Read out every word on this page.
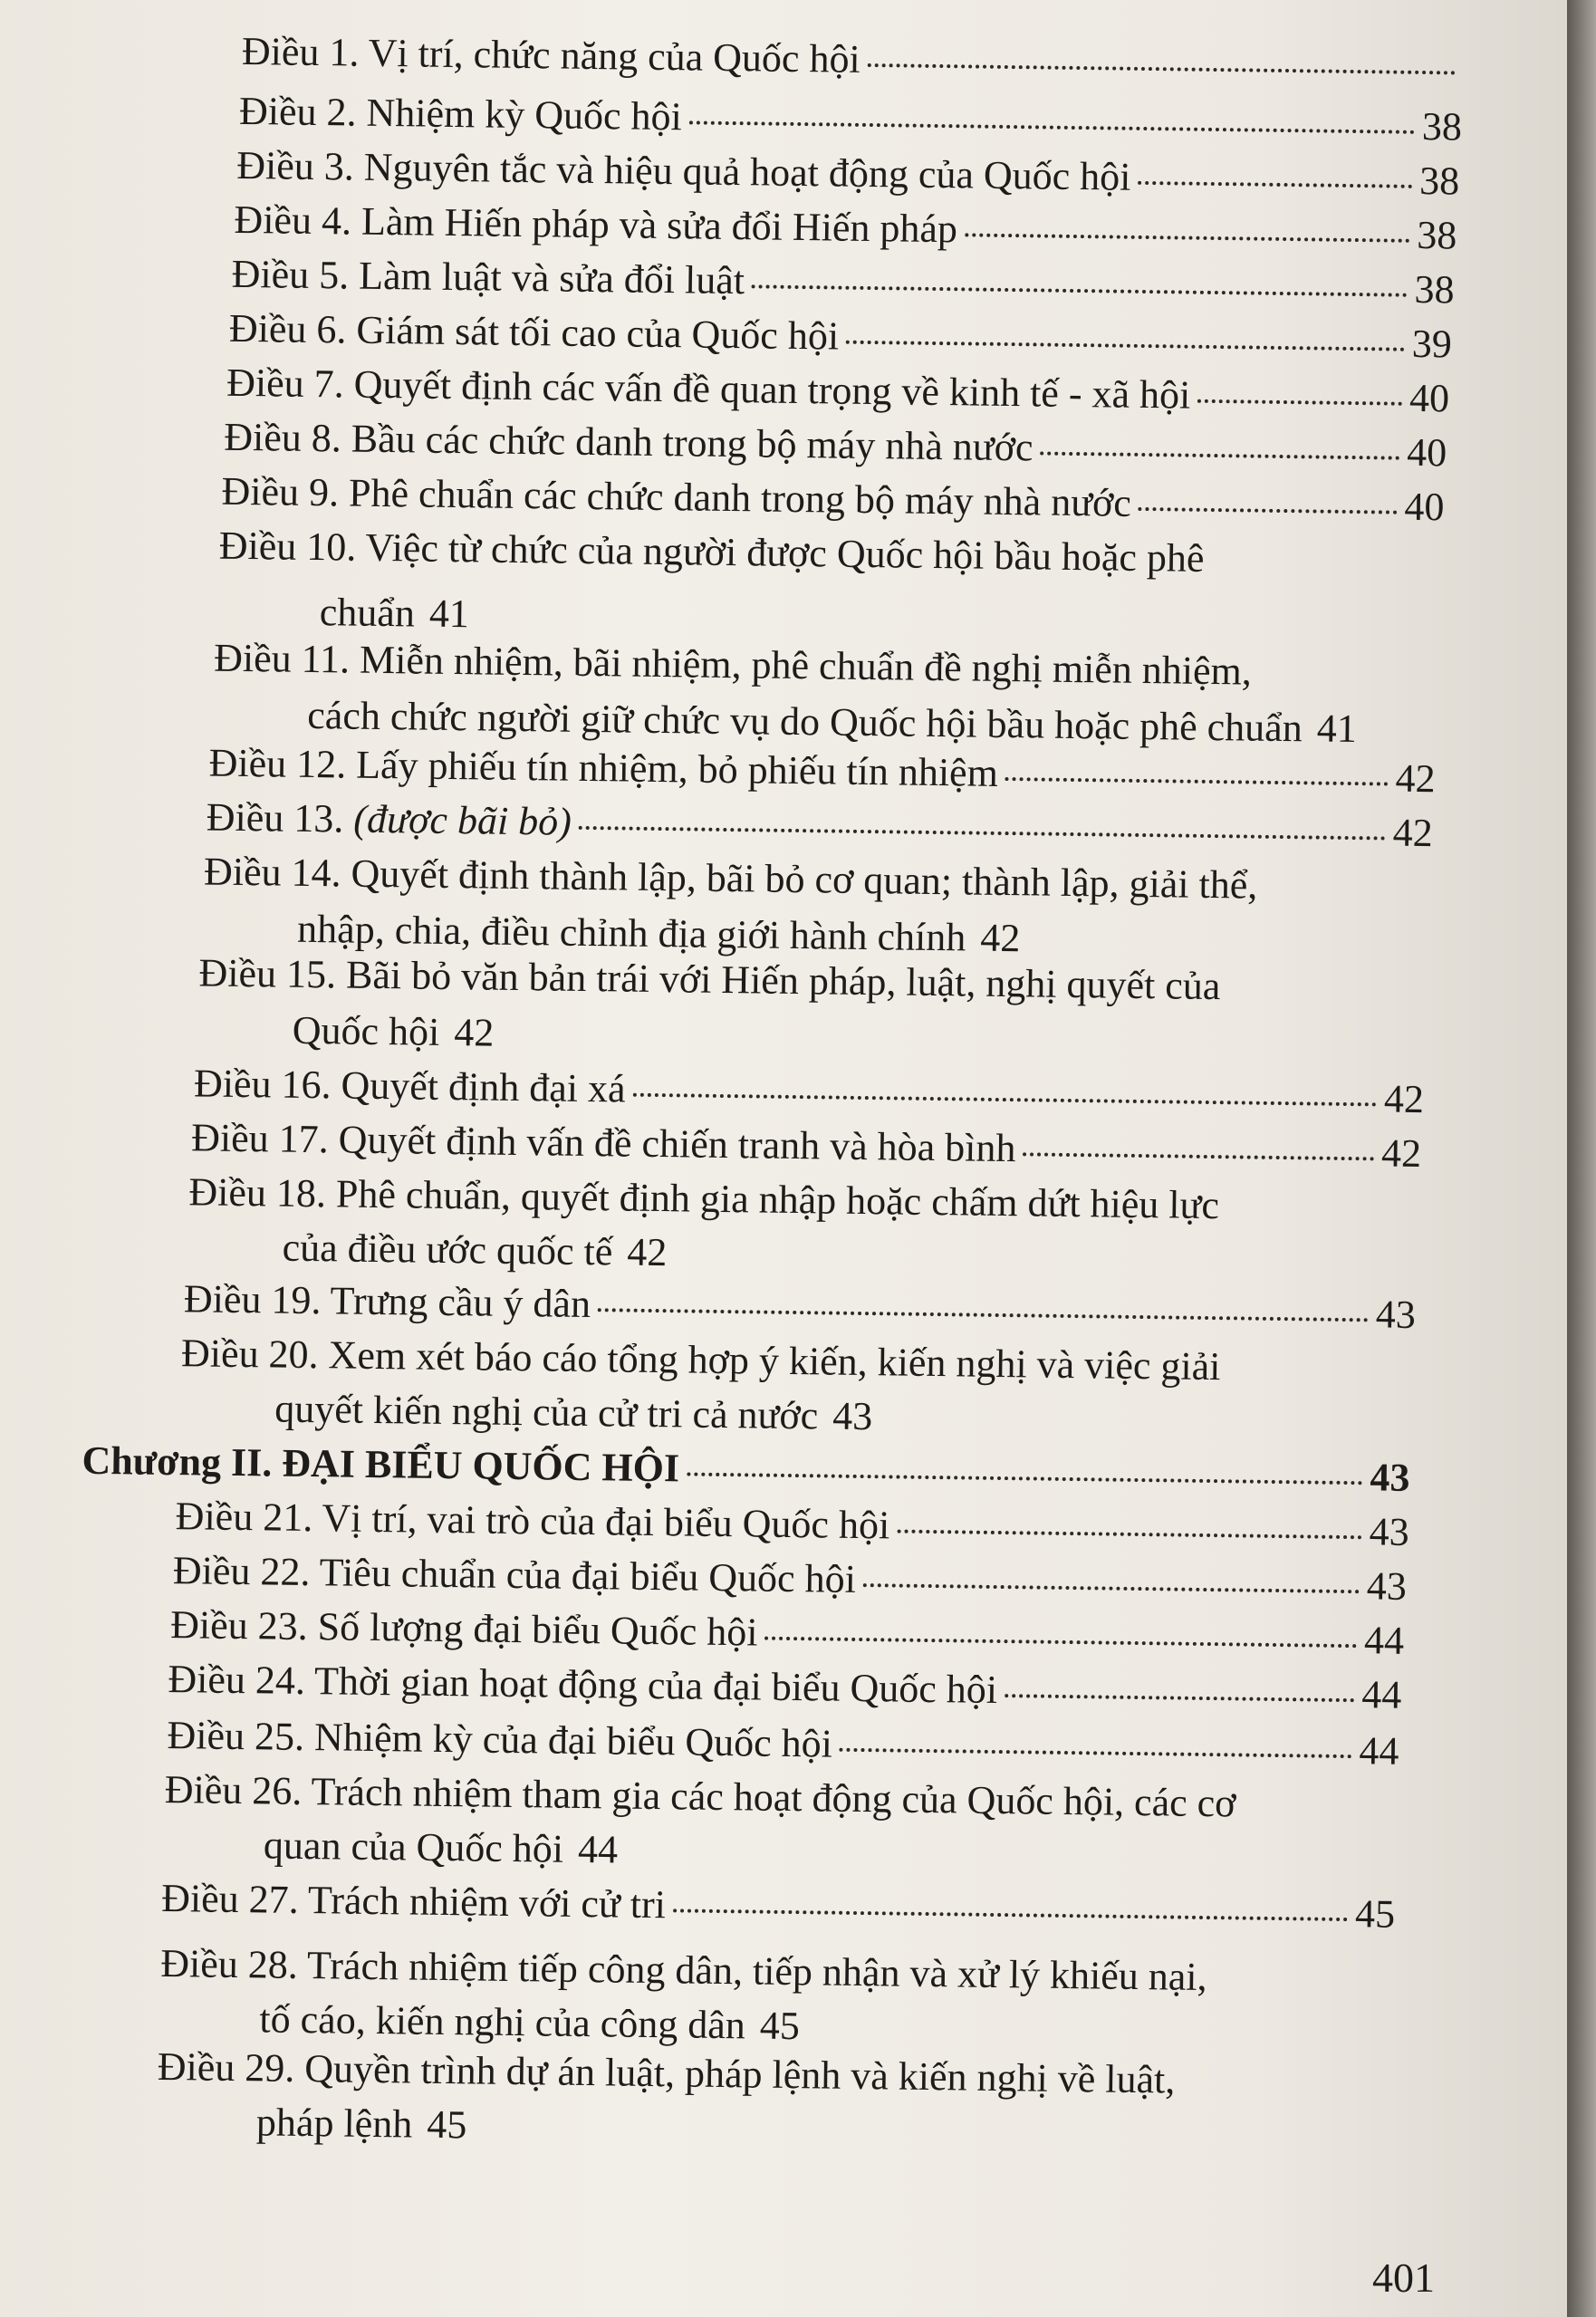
Điều 1. Vị trí, chức năng của Quốc hội
Điều 2. Nhiệm kỳ Quốc hội	38
Điều 3. Nguyên tắc và hiệu quả hoạt động của Quốc hội	38
Điều 4. Làm Hiến pháp và sửa đổi Hiến pháp	38
Điều 5. Làm luật và sửa đổi luật	38
Điều 6. Giám sát tối cao của Quốc hội	39
Điều 7. Quyết định các vấn đề quan trọng về kinh tế - xã hội	40
Điều 8. Bầu các chức danh trong bộ máy nhà nước	40
Điều 9. Phê chuẩn các chức danh trong bộ máy nhà nước	40
Điều 10. Việc từ chức của người được Quốc hội bầu hoặc phê
chuẩn 41
Điều 11. Miễn nhiệm, bãi nhiệm, phê chuẩn đề nghị miễn nhiệm,
cách chức người giữ chức vụ do Quốc hội bầu hoặc phê chuẩn 41
Điều 12. Lấy phiếu tín nhiệm, bỏ phiếu tín nhiệm	42
Điều 13. (được bãi bỏ)	42
Điều 14. Quyết định thành lập, bãi bỏ cơ quan; thành lập, giải thể,
nhập, chia, điều chỉnh địa giới hành chính 42
Điều 15. Bãi bỏ văn bản trái với Hiến pháp, luật, nghị quyết của
Quốc hội 42
Điều 16. Quyết định đại xá	42
Điều 17. Quyết định vấn đề chiến tranh và hòa bình	42
Điều 18. Phê chuẩn, quyết định gia nhập hoặc chấm dứt hiệu lực
của điều ước quốc tế 42
Điều 19. Trưng cầu ý dân	43
Điều 20. Xem xét báo cáo tổng hợp ý kiến, kiến nghị và việc giải
quyết kiến nghị của cử tri cả nước 43
Chương II. ĐẠI BIỂU QUỐC HỘI	43
Điều 21. Vị trí, vai trò của đại biểu Quốc hội	43
Điều 22. Tiêu chuẩn của đại biểu Quốc hội	43
Điều 23. Số lượng đại biểu Quốc hội	44
Điều 24. Thời gian hoạt động của đại biểu Quốc hội	44
Điều 25. Nhiệm kỳ của đại biểu Quốc hội	44
Điều 26. Trách nhiệm tham gia các hoạt động của Quốc hội, các cơ
quan của Quốc hội 44
Điều 27. Trách nhiệm với cử tri	45
Điều 28. Trách nhiệm tiếp công dân, tiếp nhận và xử lý khiếu nại,
tố cáo, kiến nghị của công dân 45
Điều 29. Quyền trình dự án luật, pháp lệnh và kiến nghị về luật,
pháp lệnh 45
401
